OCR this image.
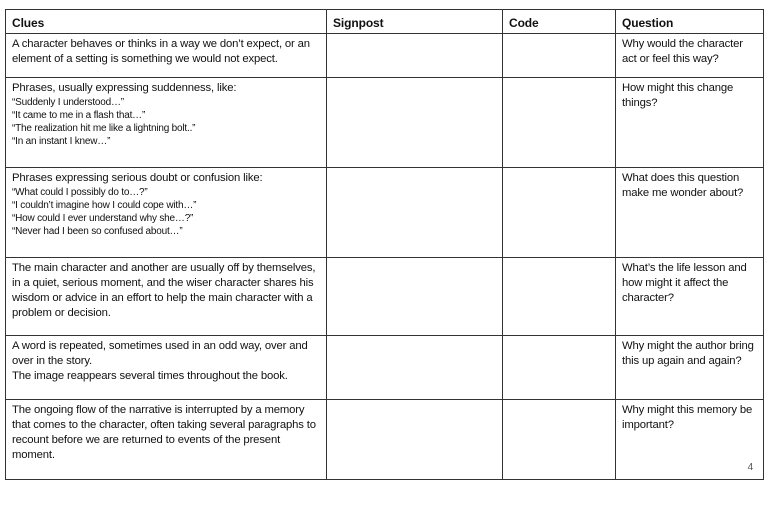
Clues	Signpost	Code	Question

A character behaves or thinks in a way we don’t expect, or an element of a setting is something we would not expect.			Why would the character act or feel this way?

Phrases, usually expressing suddenness, like:
“Suddenly I understood…”
“It came to me in a flash that…”
“The realization hit me like a lightning bolt..”
“In an instant I knew…”			How might this change things?

Phrases expressing serious doubt or confusion like:
“What could I possibly do to…?”
“I couldn’t imagine how I could cope with…”
“How could I ever understand why she…?”
“Never had I been so confused about…”			What does this question make me wonder about?

The main character and another are usually off by themselves, in a quiet, serious moment, and the wiser character shares his wisdom or advice in an effort to help the main character with a problem or decision.			What’s the life lesson and how might it affect the character?

A word is repeated, sometimes used in an odd way, over and over in the story.
The image reappears several times throughout the book.			Why might the author bring this up again and again?

The ongoing flow of the narrative is interrupted by a memory that comes to the character, often taking several paragraphs to recount before we are returned to events of the present moment.			Why might this memory be important?
4
